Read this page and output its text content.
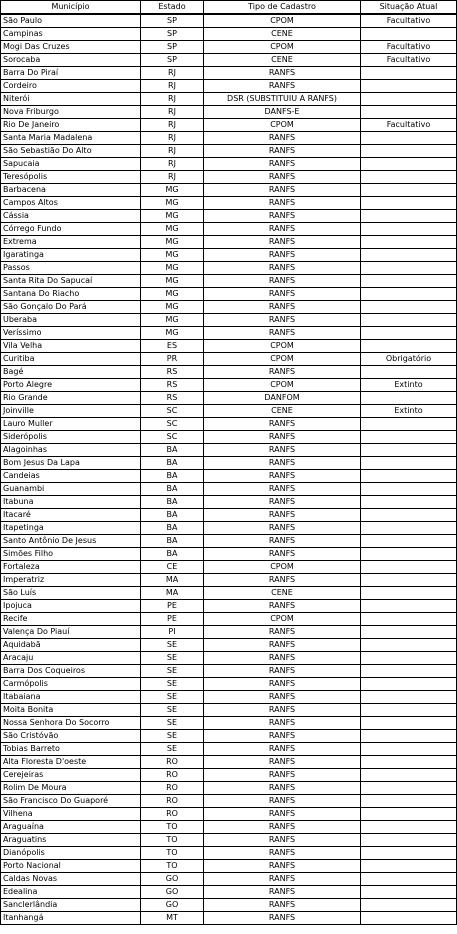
Município	Estado	Tipo de Cadastro	Situação Atual
São Paulo	SP	CPOM	Facultativo
Campinas	SP	CENE	
Mogi Das Cruzes	SP	CPOM	Facultativo
Sorocaba	SP	CENE	Facultativo
Barra Do Piraí	RJ	RANFS	
Cordeiro	RJ	RANFS	
Niterói	RJ	DSR (SUBSTITUIU A RANFS)	
Nova Friburgo	RJ	DANFS-E	
Rio De Janeiro	RJ	CPOM	Facultativo
Santa Maria Madalena	RJ	RANFS	
São Sebastião Do Alto	RJ	RANFS	
Sapucaia	RJ	RANFS	
Teresópolis	RJ	RANFS	
Barbacena	MG	RANFS	
Campos Altos	MG	RANFS	
Cássia	MG	RANFS	
Córrego Fundo	MG	RANFS	
Extrema	MG	RANFS	
Igaratinga	MG	RANFS	
Passos	MG	RANFS	
Santa Rita Do Sapucaí	MG	RANFS	
Santana Do Riacho	MG	RANFS	
São Gonçalo Do Pará	MG	RANFS	
Uberaba	MG	RANFS	
Veríssimo	MG	RANFS	
Vila Velha	ES	CPOM	
Curitiba	PR	CPOM	Obrigatório
Bagé	RS	RANFS	
Porto Alegre	RS	CPOM	Extinto
Rio Grande	RS	DANFOM	
Joinville	SC	CENE	Extinto
Lauro Muller	SC	RANFS	
Siderópolis	SC	RANFS	
Alagoinhas	BA	RANFS	
Bom Jesus Da Lapa	BA	RANFS	
Candeias	BA	RANFS	
Guanambi	BA	RANFS	
Itabuna	BA	RANFS	
Itacaré	BA	RANFS	
Itapetinga	BA	RANFS	
Santo Antônio De Jesus	BA	RANFS	
Simões Filho	BA	RANFS	
Fortaleza	CE	CPOM	
Imperatriz	MA	RANFS	
São Luís	MA	CENE	
Ipojuca	PE	RANFS	
Recife	PE	CPOM	
Valença Do Piauí	PI	RANFS	
Aquidabã	SE	RANFS	
Aracaju	SE	RANFS	
Barra Dos Coqueiros	SE	RANFS	
Carmópolis	SE	RANFS	
Itabaiana	SE	RANFS	
Moita Bonita	SE	RANFS	
Nossa Senhora Do Socorro	SE	RANFS	
São Cristóvão	SE	RANFS	
Tobias Barreto	SE	RANFS	
Alta Floresta D'oeste	RO	RANFS	
Cerejeiras	RO	RANFS	
Rolim De Moura	RO	RANFS	
São Francisco Do Guaporé	RO	RANFS	
Vilhena	RO	RANFS	
Araguaína	TO	RANFS	
Araguatins	TO	RANFS	
Dianópolis	TO	RANFS	
Porto Nacional	TO	RANFS	
Caldas Novas	GO	RANFS	
Edealina	GO	RANFS	
Sanclerlândia	GO	RANFS	
Itanhangá	MT	RANFS	
